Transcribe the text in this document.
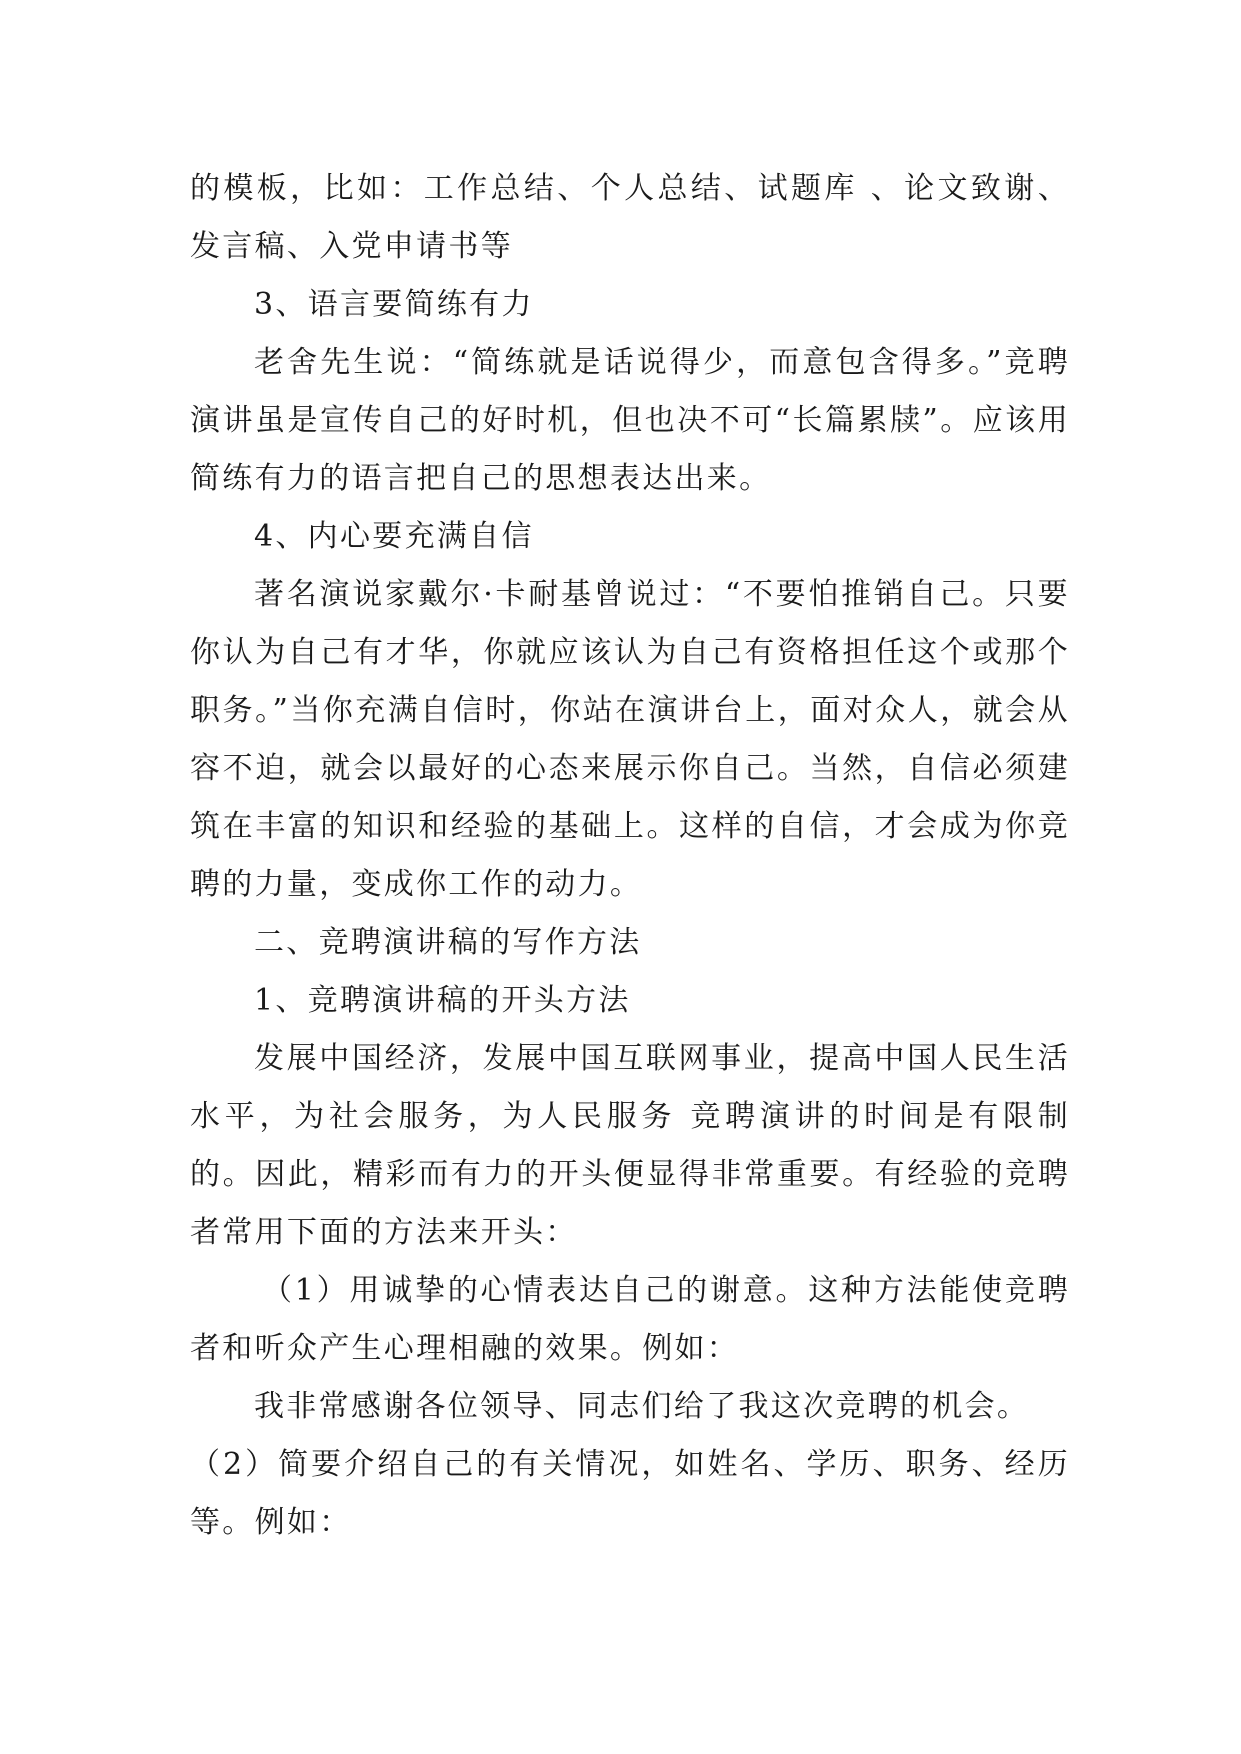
的模板，比如：工作总结、个人总结、试题库 、论文致谢、发言稿、入党申请书等

3、语言要简练有力

老舍先生说：“简练就是话说得少，而意包含得多。”竞聘演讲虽是宣传自己的好时机，但也决不可“长篇累牍”。应该用简练有力的语言把自己的思想表达出来。

4、内心要充满自信

著名演说家戴尔·卡耐基曾说过：“不要怕推销自己。只要你认为自己有才华，你就应该认为自己有资格担任这个或那个职务。”当你充满自信时，你站在演讲台上，面对众人，就会从容不迫，就会以最好的心态来展示你自己。当然，自信必须建筑在丰富的知识和经验的基础上。这样的自信，才会成为你竞聘的力量，变成你工作的动力。

二、竞聘演讲稿的写作方法

1、竞聘演讲稿的开头方法

发展中国经济，发展中国互联网事业，提高中国人民生活水平，为社会服务，为人民服务 竞聘演讲的时间是有限制的。因此，精彩而有力的开头便显得非常重要。有经验的竞聘者常用下面的方法来开头：

（1）用诚挚的心情表达自己的谢意。这种方法能使竞聘者和听众产生心理相融的效果。例如：

我非常感谢各位领导、同志们给了我这次竞聘的机会。

（2）简要介绍自己的有关情况，如姓名、学历、职务、经历等。例如：
